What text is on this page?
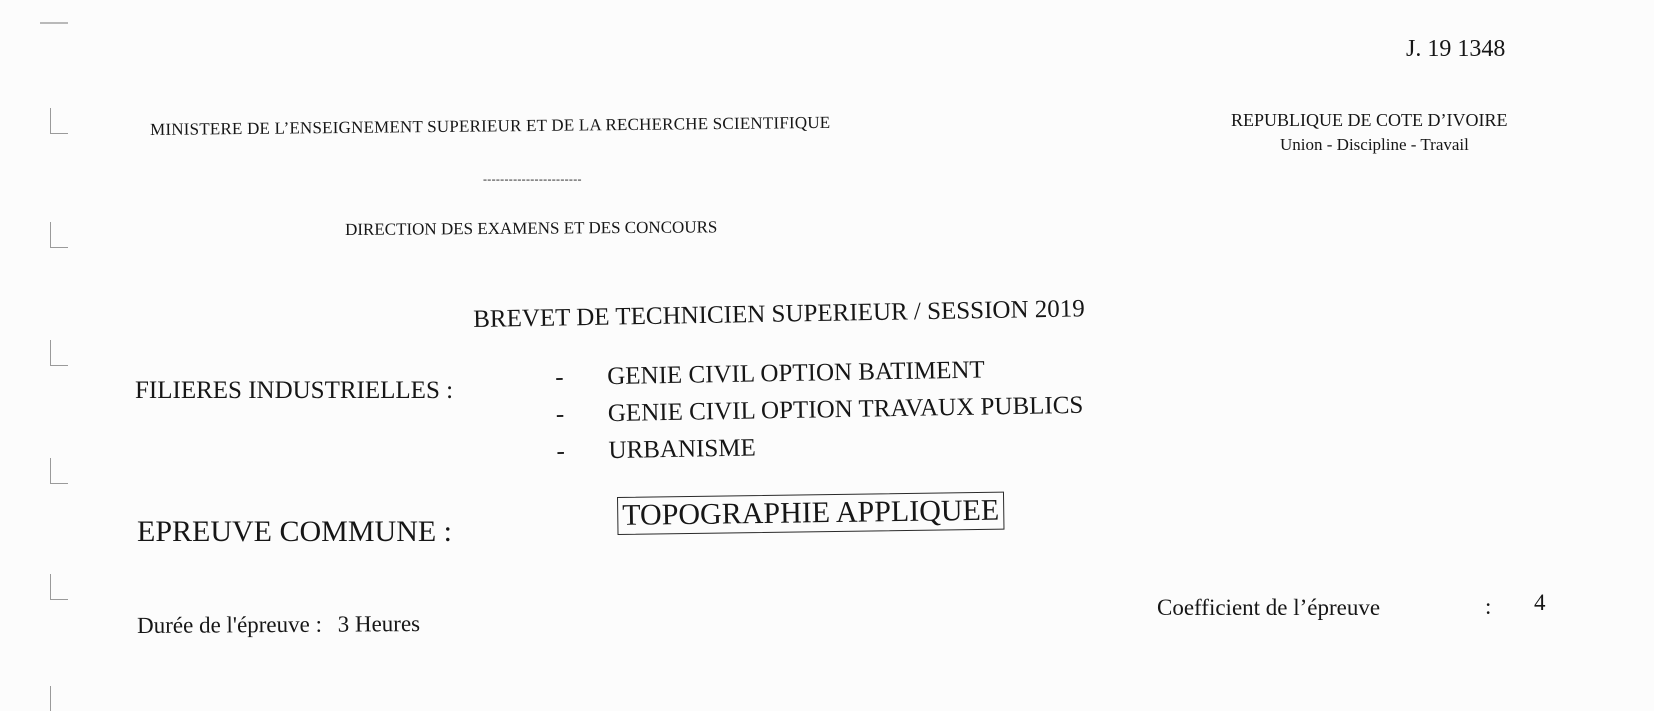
J. 19 1348
MINISTERE DE L’ENSEIGNEMENT SUPERIEUR ET DE LA RECHERCHE SCIENTIFIQUE
-----------------------
DIRECTION DES EXAMENS ET DES CONCOURS
REPUBLIQUE DE COTE D’IVOIRE
Union - Discipline - Travail
BREVET DE TECHNICIEN SUPERIEUR / SESSION 2019
FILIERES INDUSTRIELLES :	- GENIE CIVIL OPTION BATIMENT
- GENIE CIVIL OPTION TRAVAUX PUBLICS
- URBANISME
EPREUVE COMMUNE :	TOPOGRAPHIE APPLIQUEE
Durée de l'épreuve : 3 Heures
Coefficient de l’épreuve	: 4
